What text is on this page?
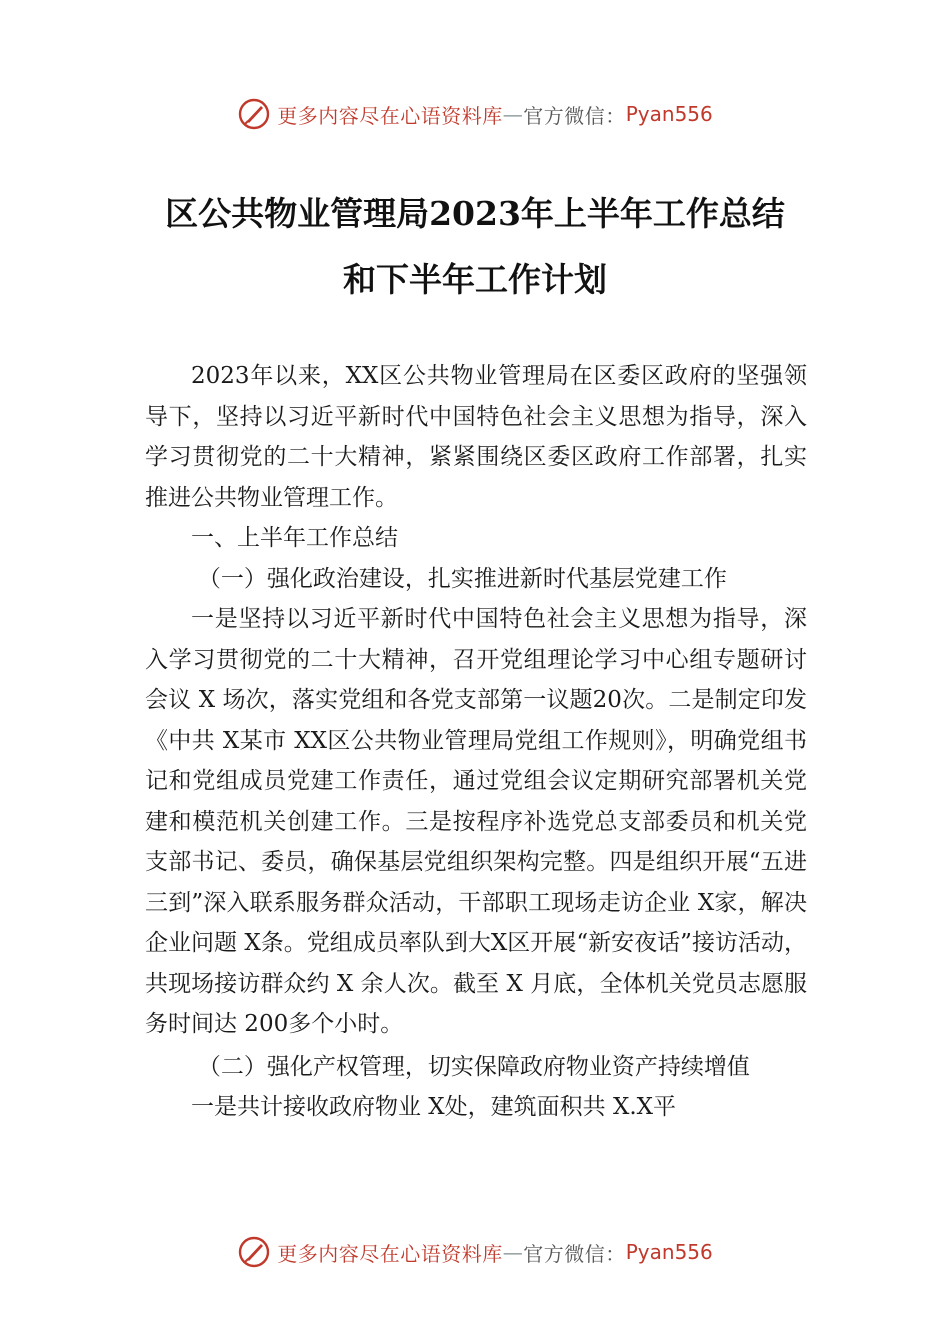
更多内容尽在心语资料库 — 官方微信： Pyan556
区公共物业管理局2023年上半年工作总结
和下半年工作计划

2023年以来，XX区公共物业管理局在区委区政府的坚强领导下，坚持以习近平新时代中国特色社会主义思想为指导，深入学习贯彻党的二十大精神，紧紧围绕区委区政府工作部署，扎实推进公共物业管理工作。

一、上半年工作总结

（一）强化政治建设，扎实推进新时代基层党建工作

一是坚持以习近平新时代中国特色社会主义思想为指导，深入学习贯彻党的二十大精神，召开党组理论学习中心组专题研讨会议 X 场次，落实党组和各党支部第一议题20次。二是制定印发《中共 X某市 XX区公共物业管理局党组工作规则》，明确党组书记和党组成员党建工作责任，通过党组会议定期研究部署机关党建和模范机关创建工作。三是按程序补选党总支部委员和机关党支部书记、委员，确保基层党组织架构完整。四是组织开展“五进三到”深入联系服务群众活动，干部职工现场走访企业 X家，解决企业问题 X条。党组成员率队到大X区开展“新安夜话”接访活动，共现场接访群众约 X 余人次。截至 X 月底，全体机关党员志愿服务时间达 200多个小时。

（二）强化产权管理，切实保障政府物业资产持续增值

一是共计接收政府物业 X处，建筑面积共 X.X平

更多内容尽在心语资料库 — 官方微信： Pyan556
